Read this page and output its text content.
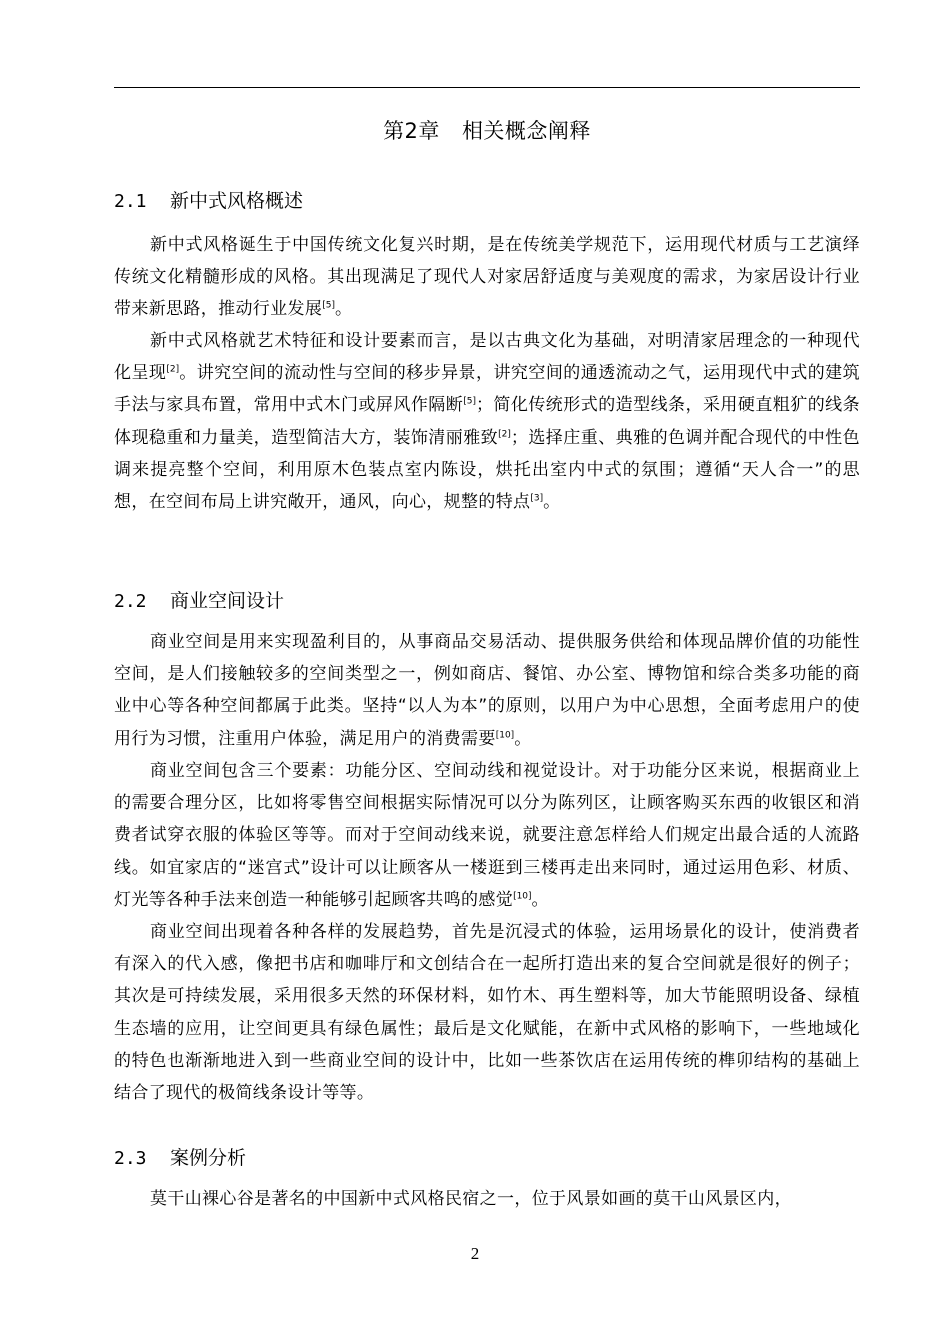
第2章 相关概念阐释
2.1 新中式风格概述

新中式风格诞生于中国传统文化复兴时期，是在传统美学规范下，运用现代材质与工艺演绎传统文化精髓形成的风格。其出现满足了现代人对家居舒适度与美观度的需求，为家居设计行业带来新思路，推动行业发展[5]。

新中式风格就艺术特征和设计要素而言，是以古典文化为基础，对明清家居理念的一种现代化呈现[2]。讲究空间的流动性与空间的移步异景，讲究空间的通透流动之气，运用现代中式的建筑手法与家具布置，常用中式木门或屏风作隔断[5]；简化传统形式的造型线条，采用硬直粗犷的线条体现稳重和力量美，造型简洁大方，装饰清丽雅致[2]；选择庄重、典雅的色调并配合现代的中性色调来提亮整个空间，利用原木色装点室内陈设，烘托出室内中式的氛围；遵循“天人合一”的思想，在空间布局上讲究敞开，通风，向心，规整的特点[3]。

2.2 商业空间设计

商业空间是用来实现盈利目的，从事商品交易活动、提供服务供给和体现品牌价值的功能性空间，是人们接触较多的空间类型之一，例如商店、餐馆、办公室、博物馆和综合类多功能的商业中心等各种空间都属于此类。坚持“以人为本”的原则，以用户为中心思想，全面考虑用户的使用行为习惯，注重用户体验，满足用户的消费需要[10]。

商业空间包含三个要素：功能分区、空间动线和视觉设计。对于功能分区来说，根据商业上的需要合理分区，比如将零售空间根据实际情况可以分为陈列区，让顾客购买东西的收银区和消费者试穿衣服的体验区等等。而对于空间动线来说，就要注意怎样给人们规定出最合适的人流路线。如宜家店的“迷宫式”设计可以让顾客从一楼逛到三楼再走出来同时，通过运用色彩、材质、灯光等各种手法来创造一种能够引起顾客共鸣的感觉[10]。

商业空间出现着各种各样的发展趋势，首先是沉浸式的体验，运用场景化的设计，使消费者有深入的代入感，像把书店和咖啡厅和文创结合在一起所打造出来的复合空间就是很好的例子；其次是可持续发展，采用很多天然的环保材料，如竹木、再生塑料等，加大节能照明设备、绿植生态墙的应用，让空间更具有绿色属性；最后是文化赋能，在新中式风格的影响下，一些地域化的特色也渐渐地进入到一些商业空间的设计中，比如一些茶饮店在运用传统的榫卯结构的基础上结合了现代的极简线条设计等等。

2.3 案例分析

莫干山裸心谷是著名的中国新中式风格民宿之一，位于风景如画的莫干山风景区内，

2
